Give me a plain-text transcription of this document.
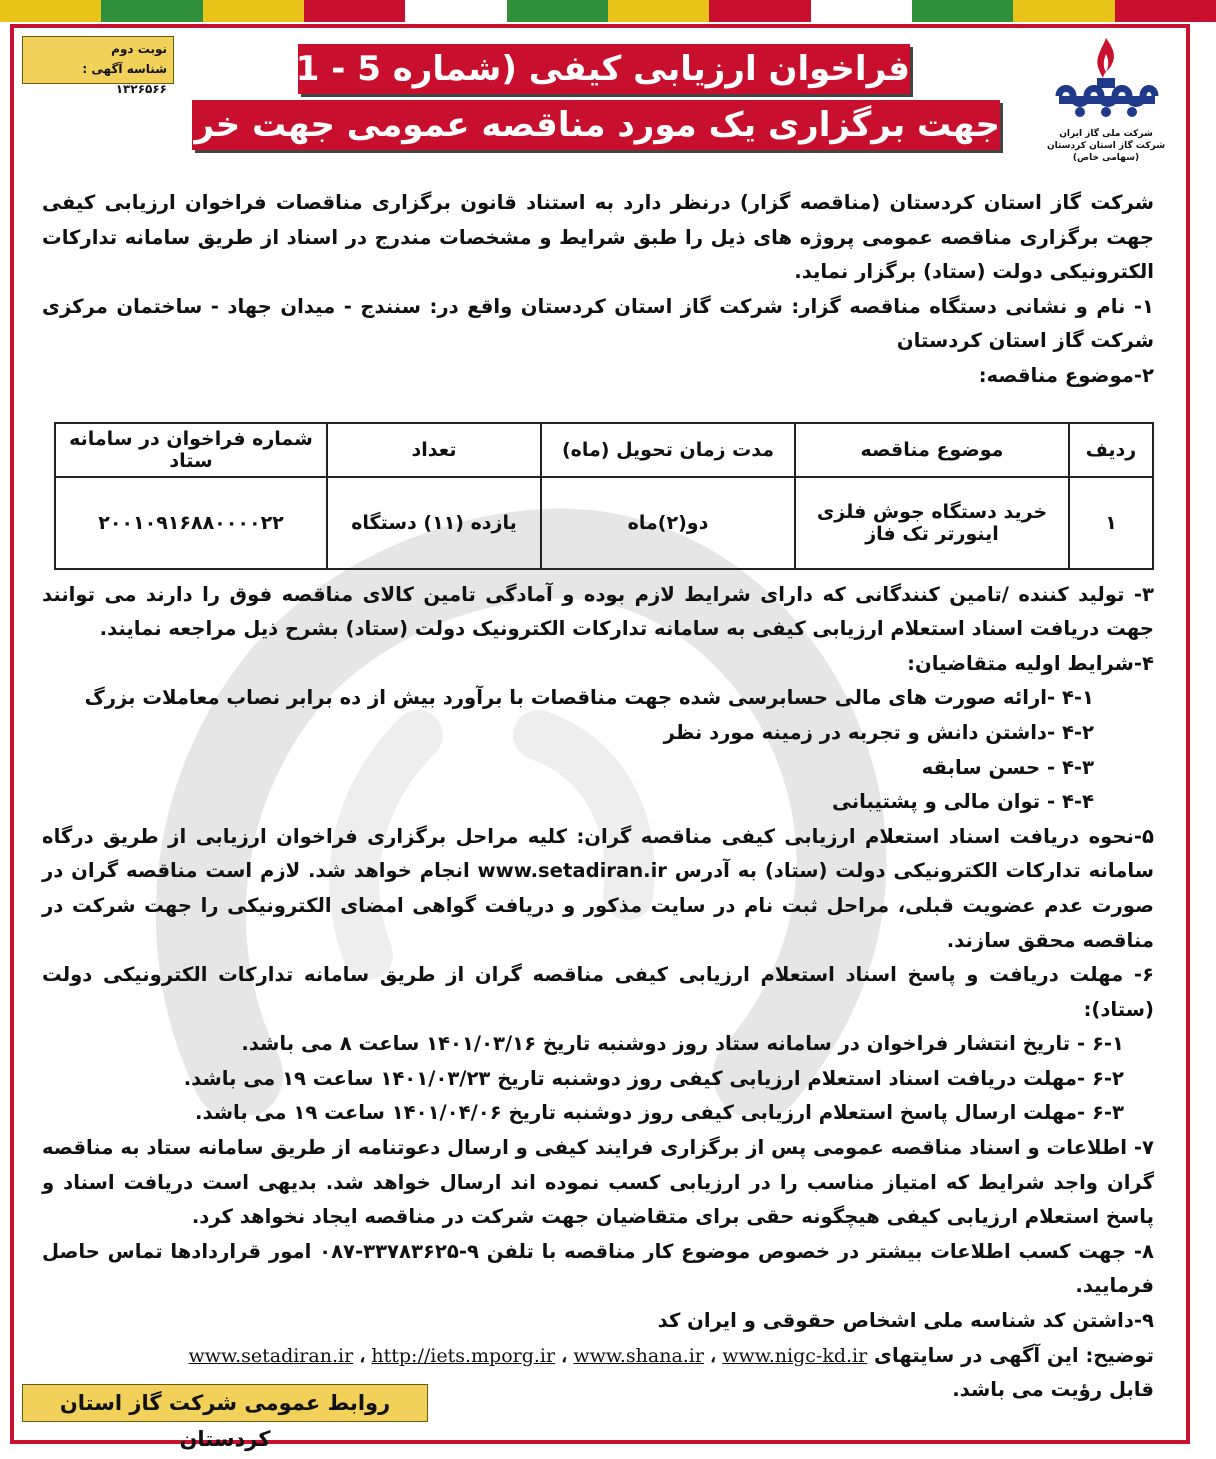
نوبت دوم
شناسه آگهی : ۱۳۲۶۵۶۶ فراخوان ارزیابی کیفی (شماره 5 - 1401)
جهت برگزاری یک مورد مناقصه عمومی جهت خرید کالا	شرکت ملی گاز ایران
شرکت گاز استان کردستان
(سهامی خاص)

شرکت گاز استان کردستان (مناقصه گزار) درنظر دارد به استناد قانون برگزاری مناقصات فراخوان ارزیابی کیفی جهت برگزاری مناقصه عمومی پروژه های ذیل را طبق شرایط و مشخصات مندرج در اسناد از طریق سامانه تدارکات الکترونیکی دولت (ستاد) برگزار نماید.

۱- نام و نشانی دستگاه مناقصه گزار: شرکت گاز استان کردستان واقع در: سنندج - میدان جهاد - ساختمان مرکزی شرکت گاز استان کردستان

۲-موضوع مناقصه:

۳- تولید کننده /تامین کنندگانی که دارای شرایط لازم بوده و آمادگی تامین کالای مناقصه فوق را دارند می توانند جهت دریافت اسناد استعلام ارزیابی کیفی به سامانه تدارکات الکترونیک دولت (ستاد) بشرح ذیل مراجعه نمایند.

۴-شرایط اولیه متقاضیان:

۴-۱ -ارائه صورت های مالی حسابرسی شده جهت مناقصات با برآورد بیش از ده برابر نصاب معاملات بزرگ

۴-۲ -داشتن دانش و تجربه در زمینه مورد نظر

۴-۳ - حسن سابقه

۴-۴ - توان مالی و پشتیبانی

۵-نحوه دریافت اسناد استعلام ارزیابی کیفی مناقصه گران: کلیه مراحل برگزاری فراخوان ارزیابی از طریق درگاه سامانه تدارکات الکترونیکی دولت (ستاد) به آدرس www.setadiran.ir انجام خواهد شد. لازم است مناقصه گران در صورت عدم عضویت قبلی، مراحل ثبت نام در سایت مذکور و دریافت گواهی امضای الکترونیکی را جهت شرکت در مناقصه محقق سازند.

۶- مهلت دریافت و پاسخ اسناد استعلام ارزیابی کیفی مناقصه گران از طریق سامانه تدارکات الکترونیکی دولت (ستاد):

۶-۱ - تاریخ انتشار فراخوان در سامانه ستاد روز دوشنبه تاریخ ۱۴۰۱/۰۳/۱۶ ساعت ۸ می باشد.

۶-۲ -مهلت دریافت اسناد استعلام ارزیابی کیفی روز دوشنبه تاریخ ۱۴۰۱/۰۳/۲۳ ساعت ۱۹ می باشد.

۶-۳ -مهلت ارسال پاسخ استعلام ارزیابی کیفی روز دوشنبه تاریخ ۱۴۰۱/۰۴/۰۶ ساعت ۱۹ می باشد.

۷- اطلاعات و اسناد مناقصه عمومی پس از برگزاری فرایند کیفی و ارسال دعوتنامه از طریق سامانه ستاد به مناقصه گران واجد شرایط که امتیاز مناسب را در ارزیابی کسب نموده اند ارسال خواهد شد. بدیهی است دریافت اسناد و پاسخ استعلام ارزیابی کیفی هیچگونه حقی برای متقاضیان جهت شرکت در مناقصه ایجاد نخواهد کرد.

۸- جهت کسب اطلاعات بیشتر در خصوص موضوع کار مناقصه با تلفن ۹-۳۳۷۸۳۶۲۵-۰۸۷ امور قراردادها تماس حاصل فرمایید.

۹-داشتن کد شناسه ملی اشخاص حقوقی و ایران کد

توضیح: این آگهی در سایتهای www.setadiran.ir ، http://iets.mporg.ir ، www.shana.ir ، www.nigc-kd.ir

قابل رؤیت می باشد.

ردیف	موضوع مناقصه	مدت زمان تحویل (ماه)	تعداد	شماره فراخوان در سامانه ستاد
۱	خرید دستگاه جوش فلزی اینورتر تک فاز	دو(۲)ماه	یازده (۱۱) دستگاه	۲۰۰۱۰۹۱۶۸۸۰۰۰۰۲۲
روابط عمومی شرکت گاز استان کردستان
